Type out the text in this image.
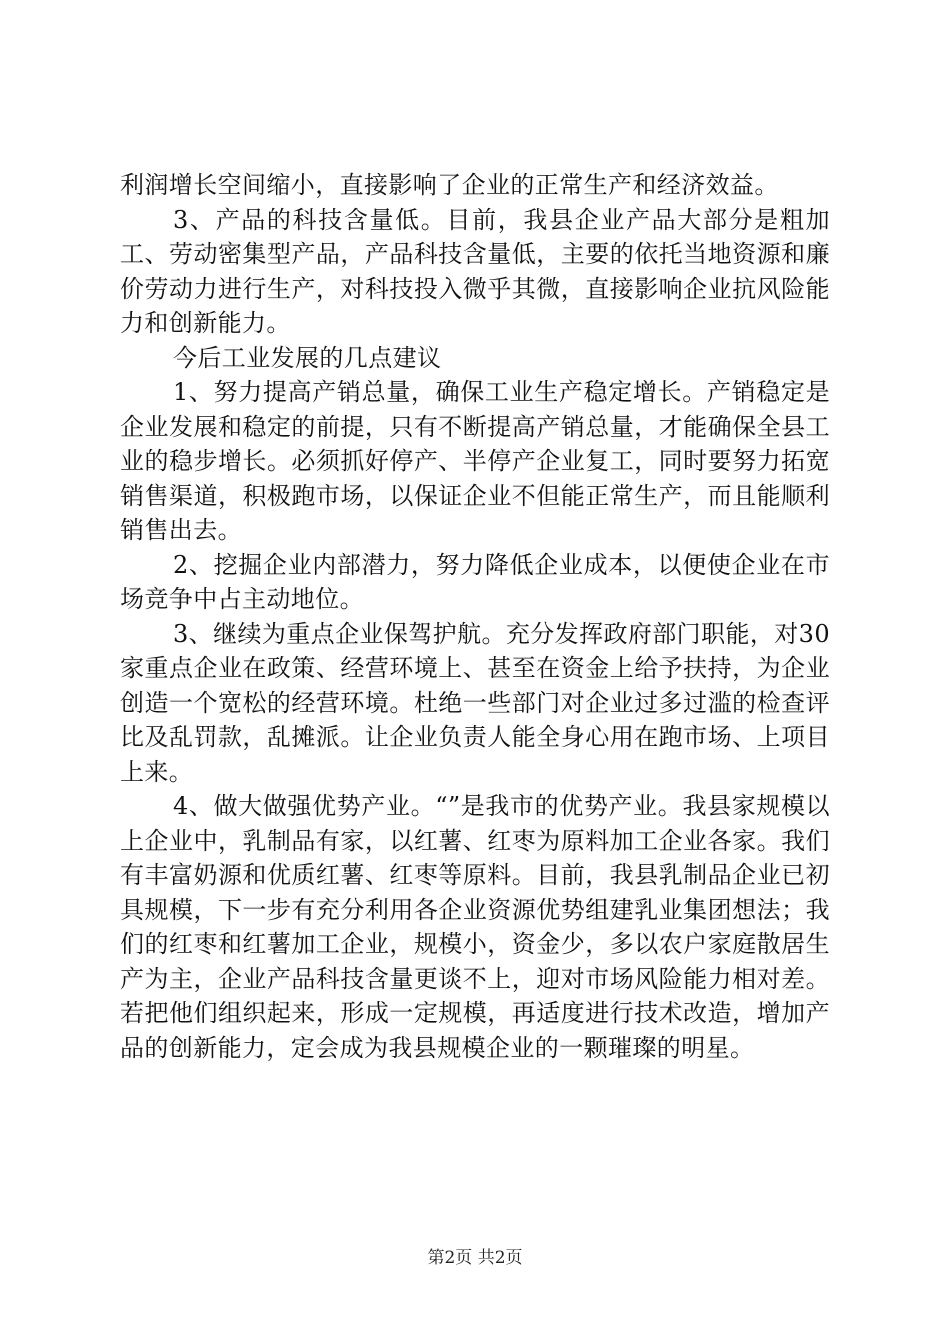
利润增长空间缩小，直接影响了企业的正常生产和经济效益。

3、产品的科技含量低。目前，我县企业产品大部分是粗加工、劳动密集型产品，产品科技含量低，主要的依托当地资源和廉价劳动力进行生产，对科技投入微乎其微，直接影响企业抗风险能力和创新能力。

今后工业发展的几点建议

1、努力提高产销总量，确保工业生产稳定增长。产销稳定是企业发展和稳定的前提，只有不断提高产销总量，才能确保全县工业的稳步增长。必须抓好停产、半停产企业复工，同时要努力拓宽销售渠道，积极跑市场，以保证企业不但能正常生产，而且能顺利销售出去。

2、挖掘企业内部潜力，努力降低企业成本，以便使企业在市场竞争中占主动地位。

3、继续为重点企业保驾护航。充分发挥政府部门职能，对30家重点企业在政策、经营环境上、甚至在资金上给予扶持，为企业创造一个宽松的经营环境。杜绝一些部门对企业过多过滥的检查评比及乱罚款，乱摊派。让企业负责人能全身心用在跑市场、上项目上来。

4、做大做强优势产业。“”是我市的优势产业。我县家规模以上企业中，乳制品有家，以红薯、红枣为原料加工企业各家。我们有丰富奶源和优质红薯、红枣等原料。目前，我县乳制品企业已初具规模，下一步有充分利用各企业资源优势组建乳业集团想法；我们的红枣和红薯加工企业，规模小，资金少，多以农户家庭散居生产为主，企业产品科技含量更谈不上，迎对市场风险能力相对差。若把他们组织起来，形成一定规模，再适度进行技术改造，增加产品的创新能力，定会成为我县规模企业的一颗璀璨的明星。

第2页 共2页
